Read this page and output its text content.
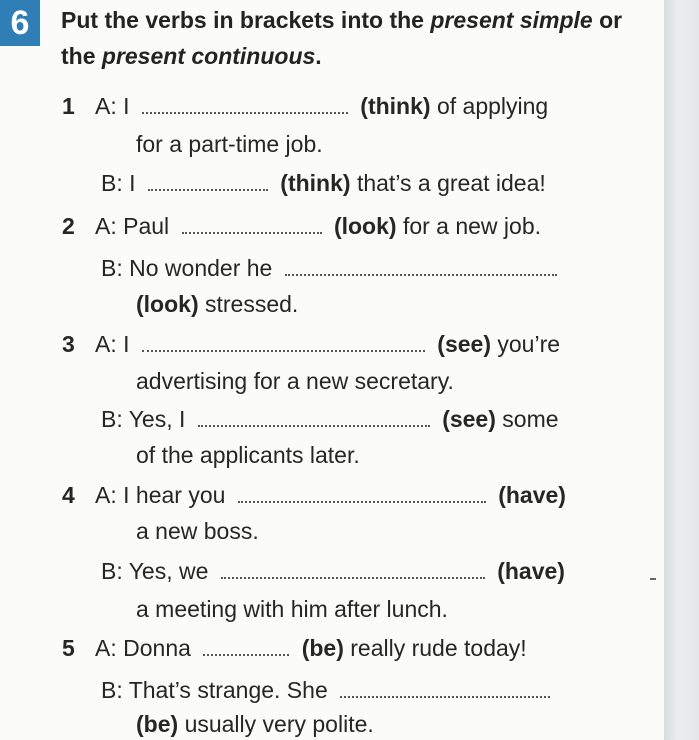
6	Put the verbs in brackets into the present simple or the present continuous.
1 A: I	(think) of applying
for a part-time job.
B: I	(think) that’s a great idea!
2 A: Paul	(look) for a new job.
B: No wonder he
(look) stressed.
3 A: I	(see) you’re
advertising for a new secretary.
B: Yes, I	(see) some
of the applicants later.
4 A: I hear you	(have)
a new boss.
B: Yes, we	(have)
a meeting with him after lunch.
5 A: Donna	(be) really rude today!
B: That’s strange. She
(be) usually very polite.
